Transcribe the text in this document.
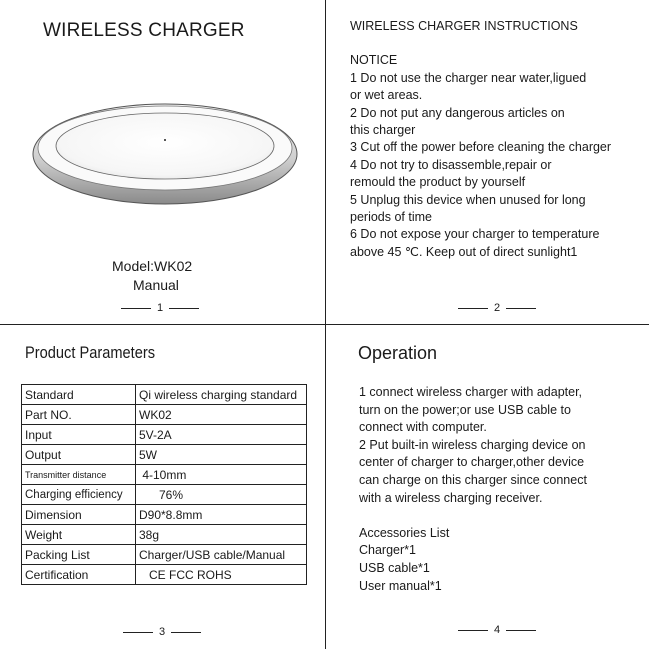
WIRELESS CHARGER
Model:WK02
Manual
1
WIRELESS CHARGER INSTRUCTIONS
NOTICE
1 Do not use the charger near water,ligued
or wet areas.
2 Do not put any dangerous articles on
this charger
3 Cut off the power before cleaning the charger
4 Do not try to disassemble,repair or
remould the product by yourself
5 Unplug this device when unused for long
periods of time
6 Do not expose your charger to temperature
above 45 ℃. Keep out of direct sunlight1
2
Product Parameters
Standard	Qi wireless charging standard
Part NO.	WK02
Input	5V-2A
Output	5W
Transmitter distance	4-10mm
Charging efficiency	76%
Dimension	D90*8.8mm
Weight	38g
Packing List	Charger/USB cable/Manual
Certification	CE FCC ROHS
3
Operation
1 connect wireless charger with adapter,
turn on the power;or use USB cable to
connect with computer.
2 Put built-in wireless charging device on
center of charger to charger,other device
can charge on this charger since connect
with a wireless charging receiver.
Accessories List
Charger*1
USB cable*1
User manual*1
4
